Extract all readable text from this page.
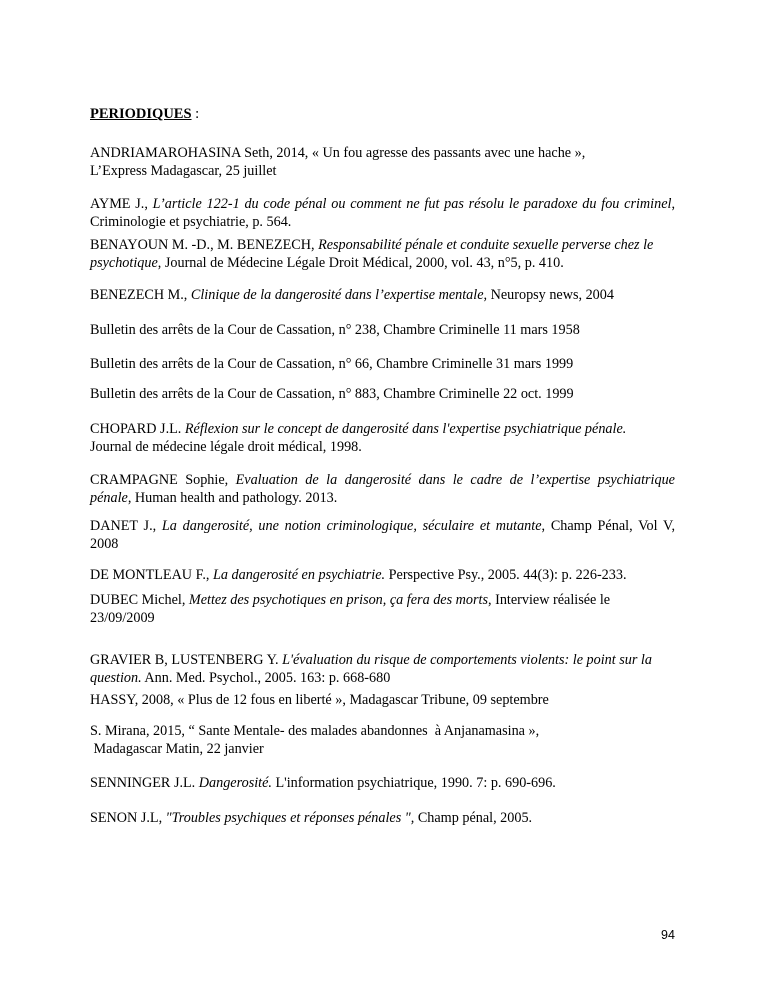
PERIODIQUES :
ANDRIAMAROHASINA Seth, 2014, « Un fou agresse des passants avec une hache »,
L’Express Madagascar, 25 juillet
AYME J., L’article 122-1 du code pénal ou comment ne fut pas résolu le paradoxe du fou criminel, Criminologie et psychiatrie, p. 564.
BENAYOUN M. -D., M. BENEZECH, Responsabilité pénale et conduite sexuelle perverse chez le psychotique, Journal de Médecine Légale Droit Médical, 2000, vol. 43, n°5, p. 410.
BENEZECH M., Clinique de la dangerosité dans l’expertise mentale, Neuropsy news, 2004
Bulletin des arrêts de la Cour de Cassation, n° 238, Chambre Criminelle 11 mars 1958
Bulletin des arrêts de la Cour de Cassation, n° 66, Chambre Criminelle 31 mars 1999
Bulletin des arrêts de la Cour de Cassation, n° 883, Chambre Criminelle 22 oct. 1999
CHOPARD J.L. Réflexion sur le concept de dangerosité dans l'expertise psychiatrique pénale.
Journal de médecine légale droit médical, 1998.
CRAMPAGNE Sophie, Evaluation de la dangerosité dans le cadre de l’expertise psychiatrique pénale, Human health and pathology. 2013.
DANET J., La dangerosité, une notion criminologique, séculaire et mutante, Champ Pénal, Vol V, 2008
DE MONTLEAU F., La dangerosité en psychiatrie. Perspective Psy., 2005. 44(3): p. 226-233.
DUBEC Michel, Mettez des psychotiques en prison, ça fera des morts, Interview réalisée le 23/09/2009
GRAVIER B, LUSTENBERG Y. L'évaluation du risque de comportements violents: le point sur la question. Ann. Med. Psychol., 2005. 163: p. 668-680
HASSY, 2008, « Plus de 12 fous en liberté », Madagascar Tribune, 09 septembre
S. Mirana, 2015, “ Sante Mentale- des malades abandonnes  à Anjanamasina »,
Madagascar Matin, 22 janvier
SENNINGER J.L. Dangerosité. L'information psychiatrique, 1990. 7: p. 690-696.
SENON J.L, "Troubles psychiques et réponses pénales ", Champ pénal, 2005.
94
